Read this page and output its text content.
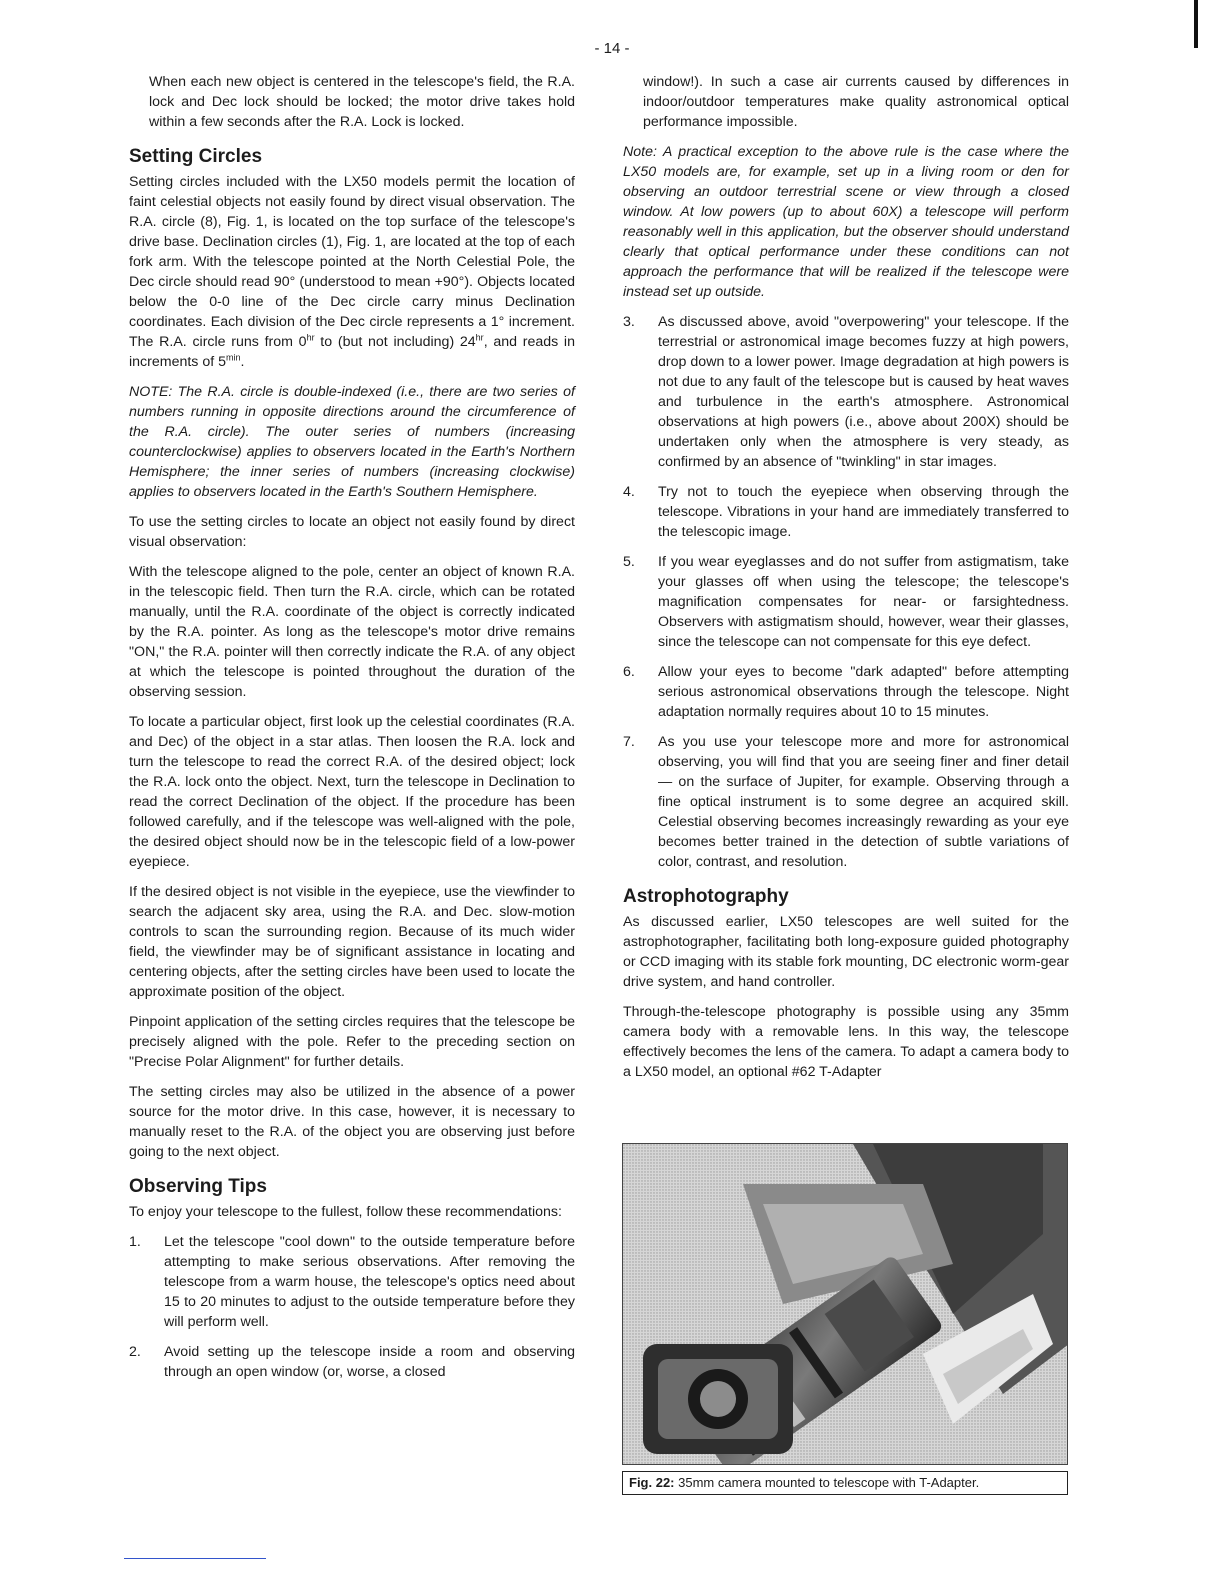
- 14 -

When each new object is centered in the telescope's field, the R.A. lock and Dec lock should be locked; the motor drive takes hold within a few seconds after the R.A. Lock is locked.

Setting Circles

Setting circles included with the LX50 models permit the location of faint celestial objects not easily found by direct visual observation. The R.A. circle (8), Fig. 1, is located on the top surface of the telescope's drive base. Declination circles (1), Fig. 1, are located at the top of each fork arm. With the telescope pointed at the North Celestial Pole, the Dec circle should read 90° (understood to mean +90°). Objects located below the 0-0 line of the Dec circle carry minus Declination coordinates. Each division of the Dec circle represents a 1° increment. The R.A. circle runs from $0^{hr}$ to (but not including) $24^{hr}$, and reads in increments of $5^{min}$.

NOTE: The R.A. circle is double-indexed (i.e., there are two series of numbers running in opposite directions around the circumference of the R.A. circle). The outer series of numbers (increasing counterclockwise) applies to observers located in the Earth's Northern Hemisphere; the inner series of numbers (increasing clockwise) applies to observers located in the Earth's Southern Hemisphere.

To use the setting circles to locate an object not easily found by direct visual observation:

With the telescope aligned to the pole, center an object of known R.A. in the telescopic field. Then turn the R.A. circle, which can be rotated manually, until the R.A. coordinate of the object is correctly indicated by the R.A. pointer. As long as the telescope's motor drive remains "ON," the R.A. pointer will then correctly indicate the R.A. of any object at which the telescope is pointed throughout the duration of the observing session.

To locate a particular object, first look up the celestial coordinates (R.A. and Dec) of the object in a star atlas. Then loosen the R.A. lock and turn the telescope to read the correct R.A. of the desired object; lock the R.A. lock onto the object. Next, turn the telescope in Declination to read the correct Declination of the object. If the procedure has been followed carefully, and if the telescope was well-aligned with the pole, the desired object should now be in the telescopic field of a low-power eyepiece.

If the desired object is not visible in the eyepiece, use the viewfinder to search the adjacent sky area, using the R.A. and Dec. slow-motion controls to scan the surrounding region. Because of its much wider field, the viewfinder may be of significant assistance in locating and centering objects, after the setting circles have been used to locate the approximate position of the object.

Pinpoint application of the setting circles requires that the telescope be precisely aligned with the pole. Refer to the preceding section on "Precise Polar Alignment" for further details.

The setting circles may also be utilized in the absence of a power source for the motor drive. In this case, however, it is necessary to manually reset to the R.A. of the object you are observing just before going to the next object.

Observing Tips

To enjoy your telescope to the fullest, follow these recommendations:

1.	Let the telescope "cool down" to the outside temperature before attempting to make serious observations. After removing the telescope from a warm house, the telescope's optics need about 15 to 20 minutes to adjust to the outside temperature before they will perform well.
2.	Avoid setting up the telescope inside a room and observing through an open window (or, worse, a closed

window!). In such a case air currents caused by differences in indoor/outdoor temperatures make quality astronomical optical performance impossible.

Note: A practical exception to the above rule is the case where the LX50 models are, for example, set up in a living room or den for observing an outdoor terrestrial scene or view through a closed window. At low powers (up to about 60X) a telescope will perform reasonably well in this application, but the observer should understand clearly that optical performance under these conditions can not approach the performance that will be realized if the telescope were instead set up outside.

3.	As discussed above, avoid "overpowering" your telescope. If the terrestrial or astronomical image becomes fuzzy at high powers, drop down to a lower power. Image degradation at high powers is not due to any fault of the telescope but is caused by heat waves and turbulence in the earth's atmosphere. Astronomical observations at high powers (i.e., above about 200X) should be undertaken only when the atmosphere is very steady, as confirmed by an absence of "twinkling" in star images.
4.	Try not to touch the eyepiece when observing through the telescope. Vibrations in your hand are immediately transferred to the telescopic image.
5.	If you wear eyeglasses and do not suffer from astigmatism, take your glasses off when using the telescope; the telescope's magnification compensates for near- or farsightedness. Observers with astigmatism should, however, wear their glasses, since the telescope can not compensate for this eye defect.
6.	Allow your eyes to become "dark adapted" before attempting serious astronomical observations through the telescope. Night adaptation normally requires about 10 to 15 minutes.
7.	As you use your telescope more and more for astronomical observing, you will find that you are seeing finer and finer detail — on the surface of Jupiter, for example. Observing through a fine optical instrument is to some degree an acquired skill. Celestial observing becomes increasingly rewarding as your eye becomes better trained in the detection of subtle variations of color, contrast, and resolution.
Astrophotography

As discussed earlier, LX50 telescopes are well suited for the astrophotographer, facilitating both long-exposure guided photography or CCD imaging with its stable fork mounting, DC electronic worm-gear drive system, and hand controller.

Through-the-telescope photography is possible using any 35mm camera body with a removable lens. In this way, the telescope effectively becomes the lens of the camera. To adapt a camera body to a LX50 model, an optional #62 T-Adapter

Fig. 22: 35mm camera mounted to telescope with T-Adapter.
